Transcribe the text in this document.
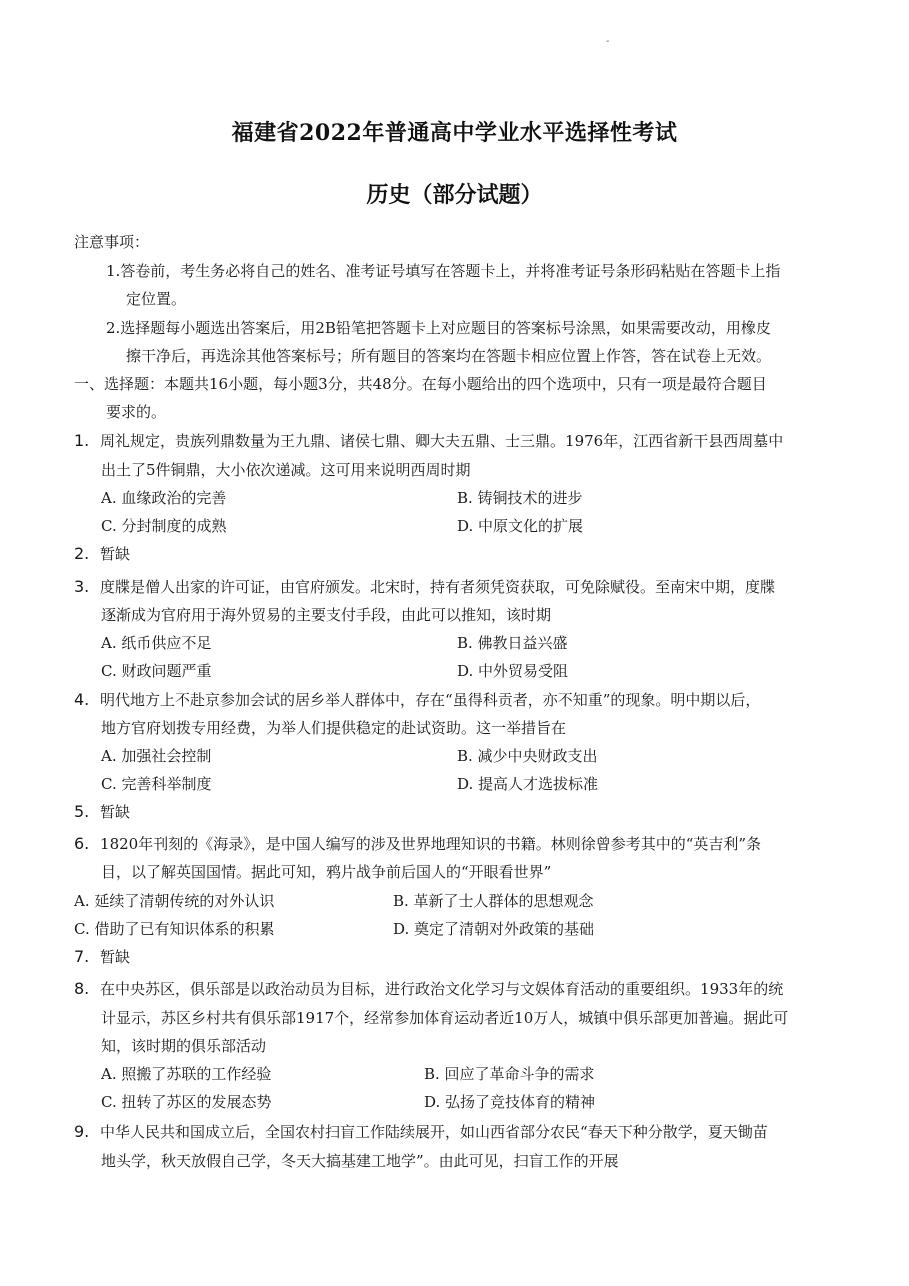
-
福建省2022年普通高中学业水平选择性考试
历史（部分试题）
注意事项：
1.答卷前，考生务必将自己的姓名、准考证号填写在答题卡上，并将准考证号条形码粘贴在答题卡上指
定位置。
2.选择题每小题选出答案后，用2B铅笔把答题卡上对应题目的答案标号涂黑，如果需要改动，用橡皮
擦干净后，再选涂其他答案标号；所有题目的答案均在答题卡相应位置上作答，答在试卷上无效。
一、选择题：本题共16小题，每小题3分，共48分。在每小题给出的四个选项中，只有一项是最符合题目
要求的。
1. 周礼规定，贵族列鼎数量为王九鼎、诸侯七鼎、卿大夫五鼎、士三鼎。1976年，江西省新干县西周墓中
出土了5件铜鼎，大小依次递减。这可用来说明西周时期
A. 血缘政治的完善	B. 铸铜技术的进步
C. 分封制度的成熟	D. 中原文化的扩展
2. 暂缺
3. 度牒是僧人出家的许可证，由官府颁发。北宋时，持有者须凭资获取，可免除赋役。至南宋中期，度牒
逐渐成为官府用于海外贸易的主要支付手段，由此可以推知，该时期
A. 纸币供应不足	B. 佛教日益兴盛
C. 财政问题严重	D. 中外贸易受阻
4. 明代地方上不赴京参加会试的居乡举人群体中，存在“虽得科贡者，亦不知重”的现象。明中期以后，
地方官府划拨专用经费，为举人们提供稳定的赴试资助。这一举措旨在
A. 加强社会控制	B. 减少中央财政支出
C. 完善科举制度	D. 提高人才选拔标准
5. 暂缺
6. 1820年刊刻的《海录》，是中国人编写的涉及世界地理知识的书籍。林则徐曾参考其中的“英吉利”条
目，以了解英国国情。据此可知，鸦片战争前后国人的“开眼看世界”
A. 延续了清朝传统的对外认识	B. 革新了士人群体的思想观念
C. 借助了已有知识体系的积累	D. 奠定了清朝对外政策的基础
7. 暂缺
8. 在中央苏区，俱乐部是以政治动员为目标，进行政治文化学习与文娱体育活动的重要组织。1933年的统
计显示，苏区乡村共有俱乐部1917个，经常参加体育运动者近10万人，城镇中俱乐部更加普遍。据此可
知，该时期的俱乐部活动
A. 照搬了苏联的工作经验	B. 回应了革命斗争的需求
C. 扭转了苏区的发展态势	D. 弘扬了竞技体育的精神
9. 中华人民共和国成立后，全国农村扫盲工作陆续展开，如山西省部分农民“春天下种分散学，夏天锄苗
地头学，秋天放假自己学，冬天大搞基建工地学”。由此可见，扫盲工作的开展
